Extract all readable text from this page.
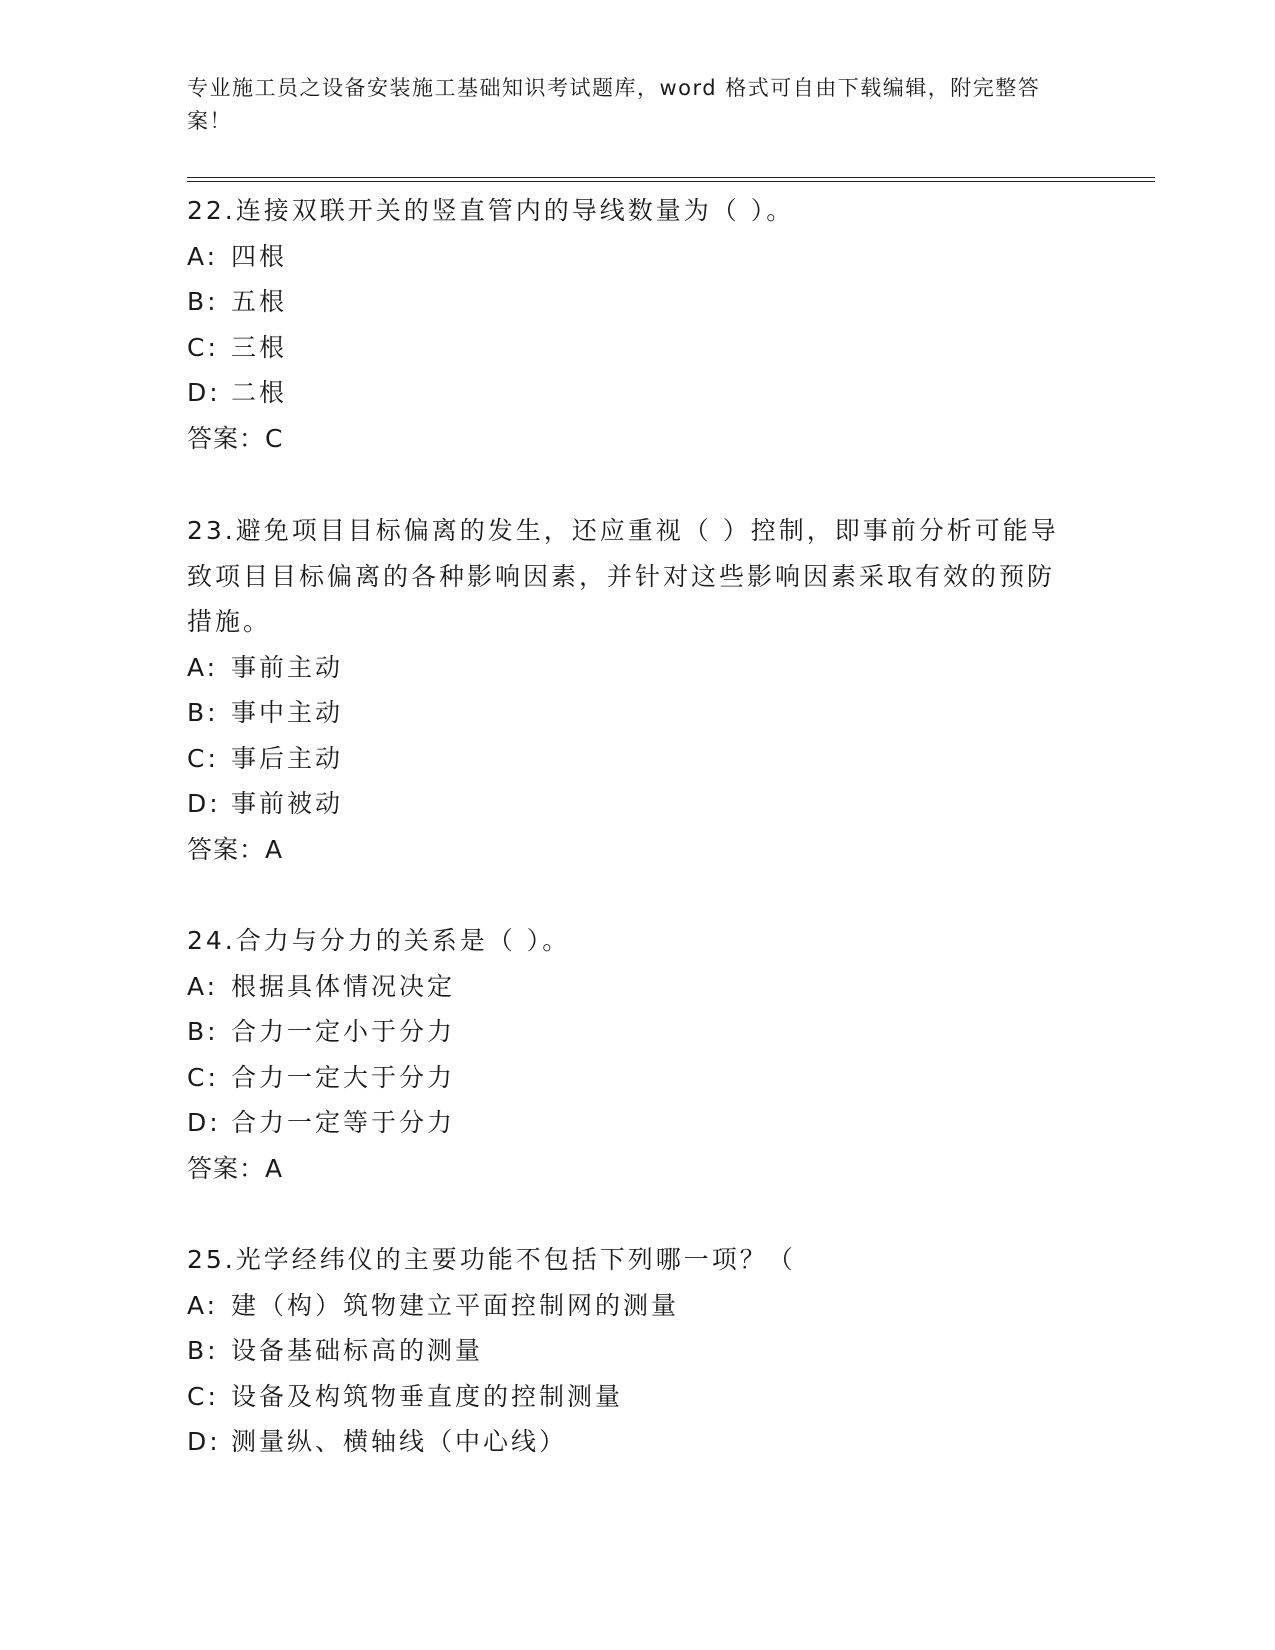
专业施工员之设备安装施工基础知识考试题库，word 格式可自由下载编辑，附完整答案！
22.连接双联开关的竖直管内的导线数量为（ ）。
A: 四根
B: 五根
C: 三根
D: 二根
答案：C
23.避免项目目标偏离的发生，还应重视（ ）控制，即事前分析可能导致项目目标偏离的各种影响因素，并针对这些影响因素采取有效的预防措施。
A: 事前主动
B: 事中主动
C: 事后主动
D: 事前被动
答案：A
24.合力与分力的关系是（ ）。
A: 根据具体情况决定
B: 合力一定小于分力
C: 合力一定大于分力
D: 合力一定等于分力
答案：A
25.光学经纬仪的主要功能不包括下列哪一项？（
A: 建（构）筑物建立平面控制网的测量
B: 设备基础标高的测量
C: 设备及构筑物垂直度的控制测量
D: 测量纵、横轴线（中心线）
